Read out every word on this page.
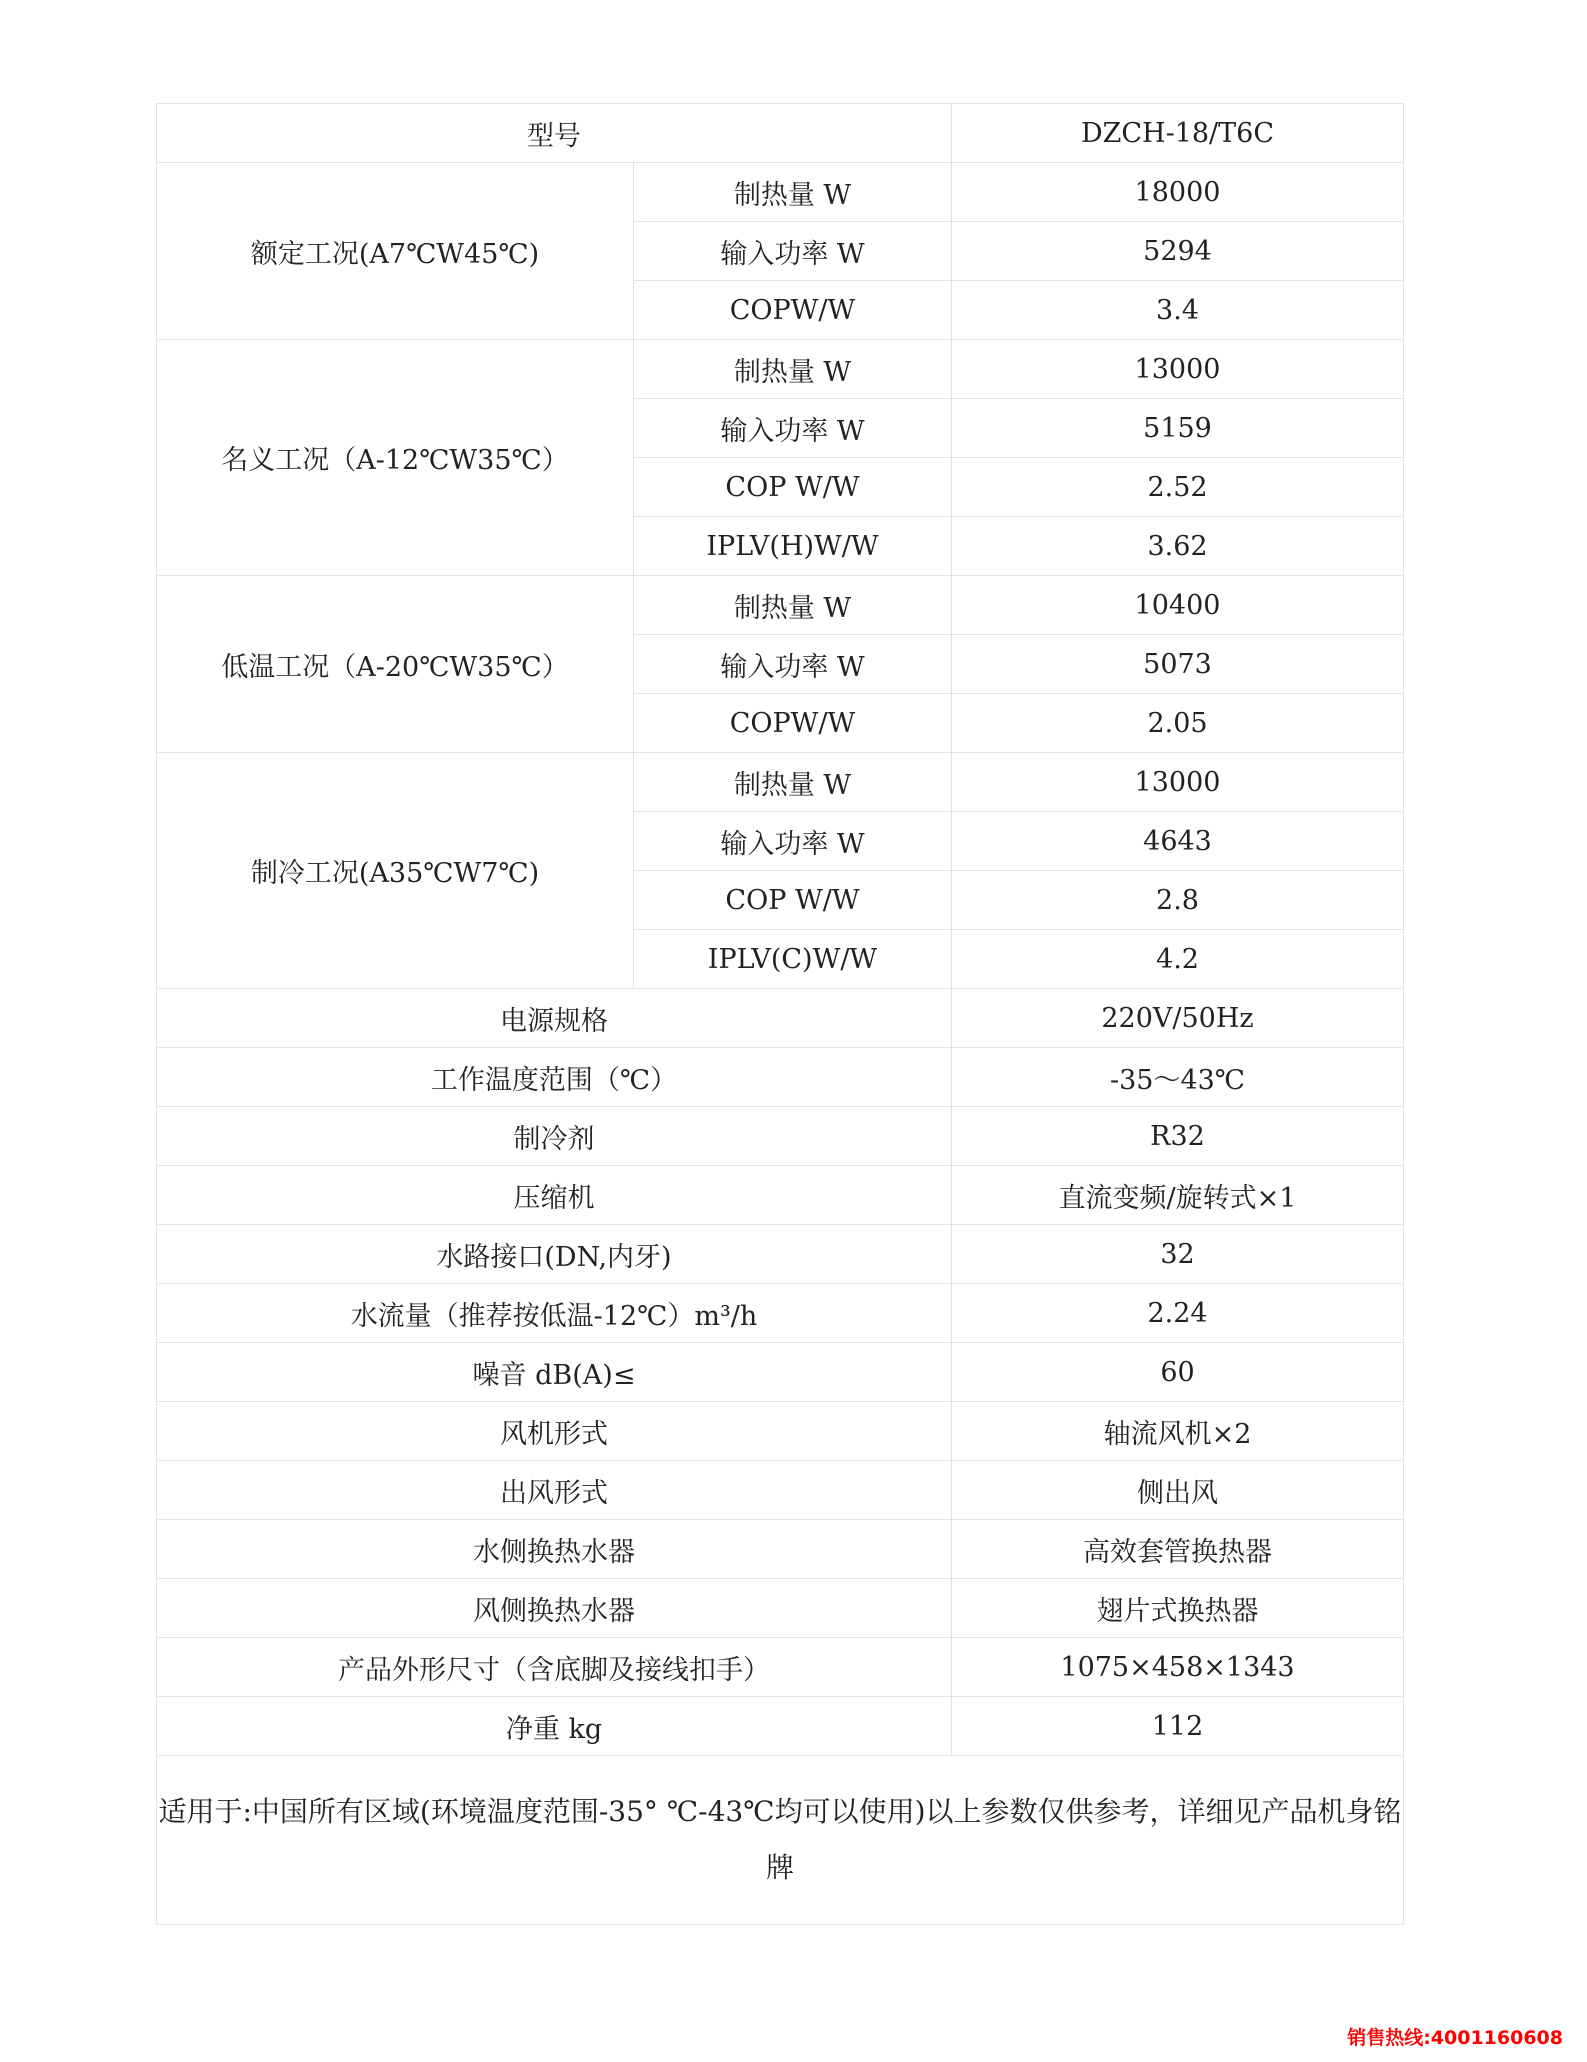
型号		DZCH-18/T6C
额定工况(A7℃W45℃)	制热量 W	18000
	输入功率 W	5294
	COPW/W	3.4
名义工况（A-12℃W35℃）	制热量 W	13000
	输入功率 W	5159
	COP W/W	2.52
	IPLV(H)W/W	3.62
低温工况（A-20℃W35℃）	制热量 W	10400
	输入功率 W	5073
	COPW/W	2.05
制冷工况(A35℃W7℃)	制热量 W	13000
	输入功率 W	4643
	COP W/W	2.8
	IPLV(C)W/W	4.2
电源规格		220V/50Hz
工作温度范围（℃）		-35～43℃
制冷剂		R32
压缩机		直流变频/旋转式×1
水路接口(DN,内牙)		32
水流量（推荐按低温-12℃）m³/h		2.24
噪音 dB(A)≤		60
风机形式		轴流风机×2
出风形式		侧出风
水侧换热水器		高效套管换热器
风侧换热水器		翅片式换热器
产品外形尺寸（含底脚及接线扣手）		1075×458×1343
净重 kg		112
适用于:中国所有区域(环境温度范围-35° ℃-43℃均可以使用)以上参数仅供参考，详细见产品机身铭牌		
销售热线:4001160608
